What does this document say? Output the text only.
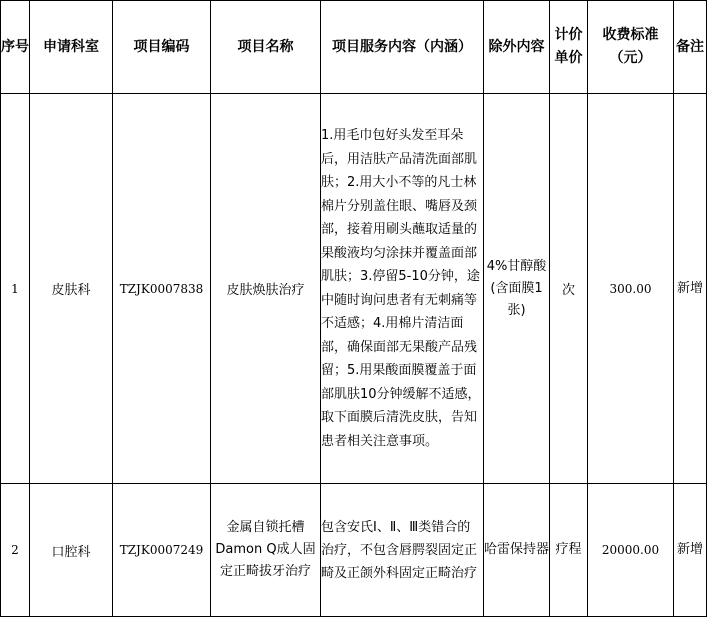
序号	申请科室	项目编码	项目名称	项目服务内容（内涵）	除外内容	计价单价	收费标准（元）	备注
1	皮肤科	TZJK0007838	皮肤焕肤治疗	1.用毛巾包好头发至耳朵后，用洁肤产品清洗面部肌肤；2.用大小不等的凡士林棉片分别盖住眼、嘴唇及颈部，接着用刷头蘸取适量的果酸液均匀涂抹并覆盖面部肌肤；3.停留5-10分钟，途中随时询问患者有无刺痛等不适感；4.用棉片清洁面部，确保面部无果酸产品残留；5.用果酸面膜覆盖于面部肌肤10分钟缓解不适感，取下面膜后清洗皮肤，告知患者相关注意事项。	4%甘醇酸(含面膜1张)	次	300.00	新增
2	口腔科	TZJK0007249	金属自锁托槽Damon Q成人固定正畸拔牙治疗	包含安氏Ⅰ、Ⅱ、Ⅲ类错合的治疗，不包含唇腭裂固定正畸及正颌外科固定正畸治疗	哈雷保持器	疗程	20000.00	新增
